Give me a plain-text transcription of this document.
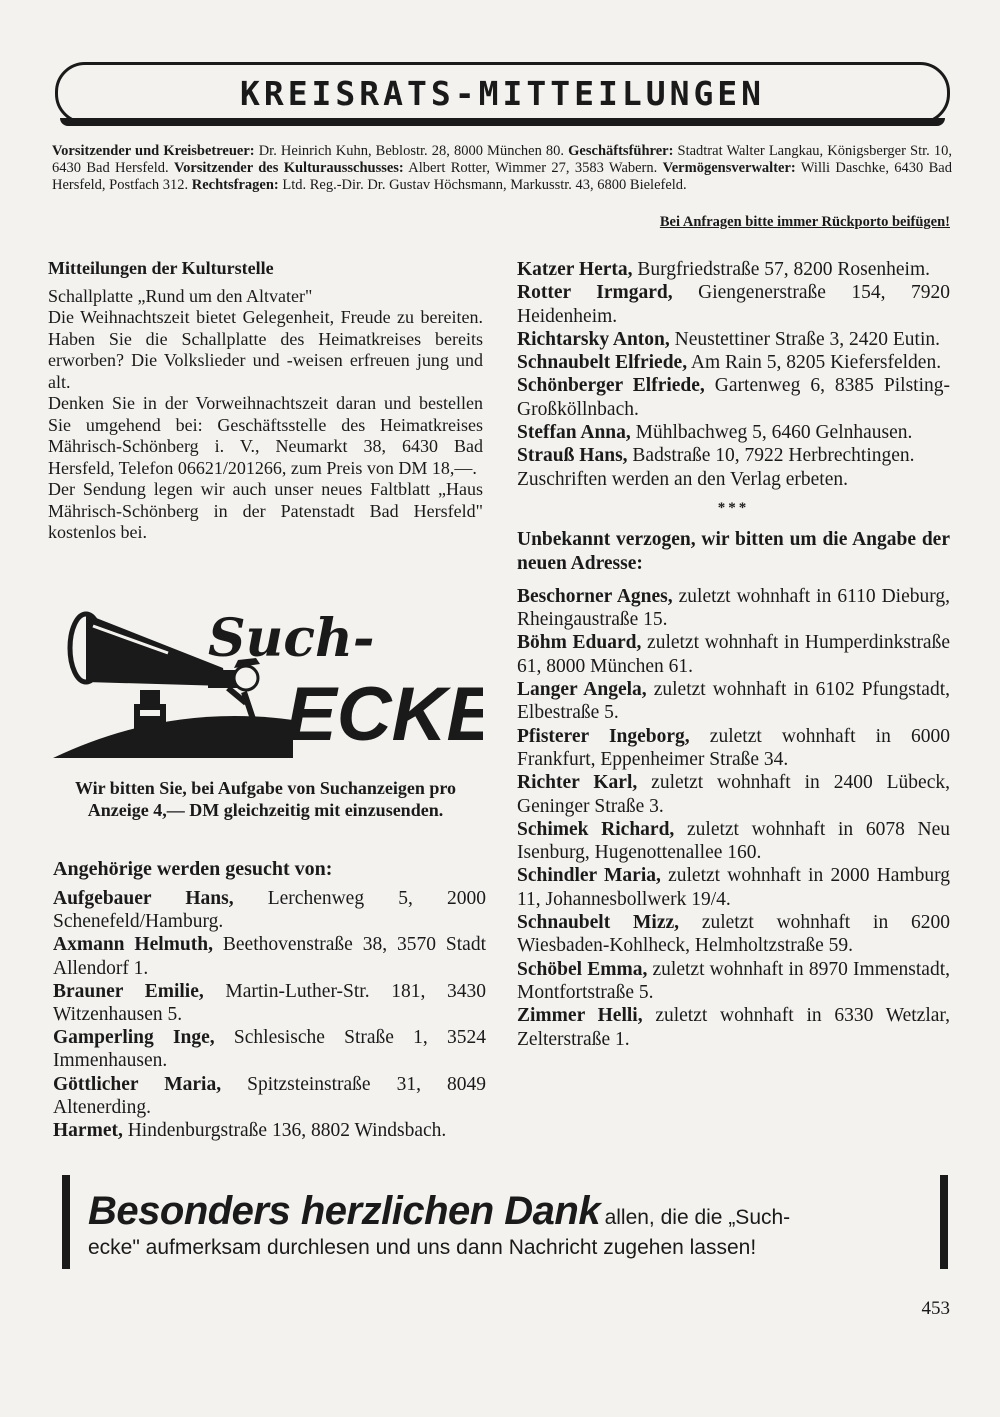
KREISRATS-MITTEILUNGEN
Vorsitzender und Kreisbetreuer: Dr. Heinrich Kuhn, Beblostr. 28, 8000 München 80. Geschäftsführer: Stadtrat Walter Langkau, Königsberger Str. 10, 6430 Bad Hersfeld. Vorsitzender des Kulturausschusses: Albert Rotter, Wimmer 27, 3583 Wabern. Vermögensverwalter: Willi Daschke, 6430 Bad Hersfeld, Postfach 312. Rechtsfragen: Ltd. Reg.-Dir. Dr. Gustav Höchsmann, Markusstr. 43, 6800 Bielefeld.
Bei Anfragen bitte immer Rückporto beifügen!
Mitteilungen der Kulturstelle

Schallplatte „Rund um den Altvater"

Die Weihnachtszeit bietet Gelegenheit, Freude zu bereiten. Haben Sie die Schallplatte des Heimatkreises bereits erworben? Die Volkslieder und -weisen erfreuen jung und alt.

Denken Sie in der Vorweihnachtszeit daran und bestellen Sie umgehend bei: Geschäftsstelle des Heimatkreises Mährisch-Schönberg i. V., Neumarkt 38, 6430 Bad Hersfeld, Telefon 06621/201266, zum Preis von DM 18,—.

Der Sendung legen wir auch unser neues Faltblatt „Haus Mährisch-Schönberg in der Patenstadt Bad Hersfeld" kostenlos bei.

Such-
ECKE
Wir bitten Sie, bei Aufgabe von Suchanzeigen pro Anzeige 4,— DM gleichzeitig mit einzusenden.
Angehörige werden gesucht von:

Aufgebauer Hans, Lerchenweg 5, 2000 Schenefeld/Hamburg.

Axmann Helmuth, Beethovenstraße 38, 3570 Stadt Allendorf 1.

Brauner Emilie, Martin-Luther-Str. 181, 3430 Witzenhausen 5.

Gamperling Inge, Schlesische Straße 1, 3524 Immenhausen.

Göttlicher Maria, Spitzsteinstraße 31, 8049 Altenerding.

Harmet, Hindenburgstraße 136, 8802 Windsbach.

Katzer Herta, Burgfriedstraße 57, 8200 Rosenheim.

Rotter Irmgard, Giengenerstraße 154, 7920 Heidenheim.

Richtarsky Anton, Neustettiner Straße 3, 2420 Eutin.

Schnaubelt Elfriede, Am Rain 5, 8205 Kiefersfelden.

Schönberger Elfriede, Gartenweg 6, 8385 Pilsting-Großköllnbach.

Steffan Anna, Mühlbachweg 5, 6460 Gelnhausen.

Strauß Hans, Badstraße 10, 7922 Herbrechtingen.

Zuschriften werden an den Verlag erbeten.

***
Unbekannt verzogen, wir bitten um die Angabe der neuen Adresse:

Beschorner Agnes, zuletzt wohnhaft in 6110 Dieburg, Rheingaustraße 15.

Böhm Eduard, zuletzt wohnhaft in Humperdinkstraße 61, 8000 München 61.

Langer Angela, zuletzt wohnhaft in 6102 Pfungstadt, Elbestraße 5.

Pfisterer Ingeborg, zuletzt wohnhaft in 6000 Frankfurt, Eppenheimer Straße 34.

Richter Karl, zuletzt wohnhaft in 2400 Lübeck, Geninger Straße 3.

Schimek Richard, zuletzt wohnhaft in 6078 Neu Isenburg, Hugenottenallee 160.

Schindler Maria, zuletzt wohnhaft in 2000 Hamburg 11, Johannesbollwerk 19/4.

Schnaubelt Mizz, zuletzt wohnhaft in 6200 Wiesbaden-Kohlheck, Helmholtzstraße 59.

Schöbel Emma, zuletzt wohnhaft in 8970 Immenstadt, Montfortstraße 5.

Zimmer Helli, zuletzt wohnhaft in 6330 Wetzlar, Zelterstraße 1.

Besonders herzlichen Dank allen, die die „Such-
ecke" aufmerksam durchlesen und uns dann Nachricht zugehen lassen!
453
